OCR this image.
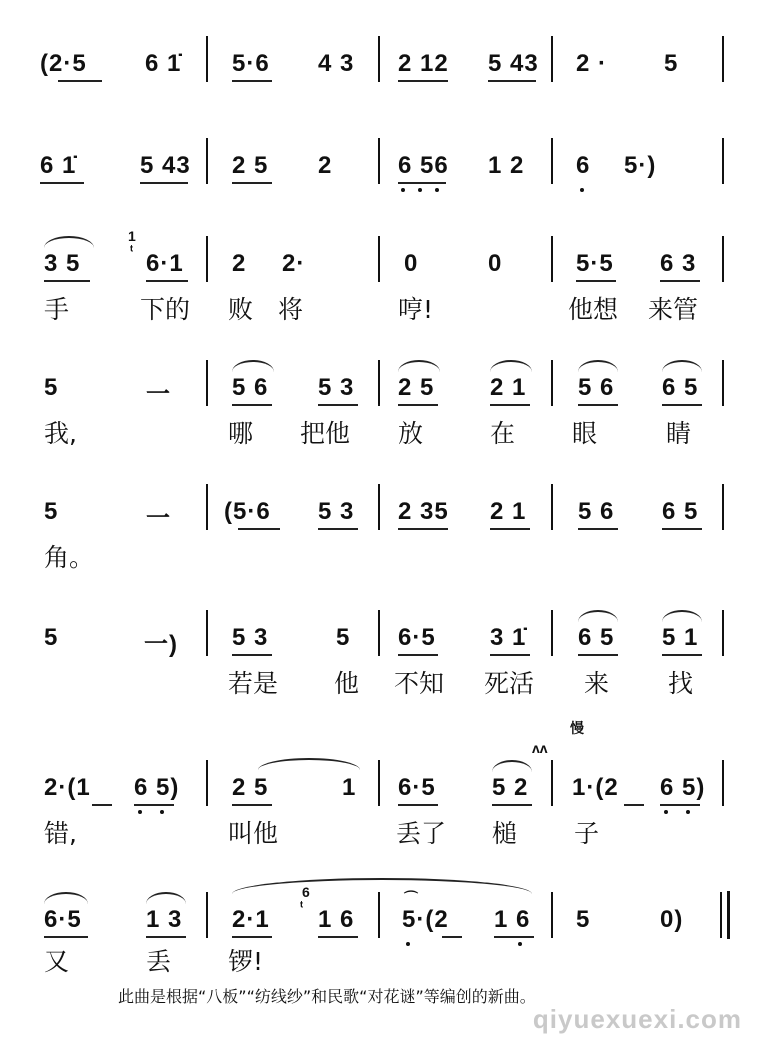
(2·5 6 1̇ 5·6 4 3 2 12 5 43 2 · 5
6 1̇	5 43 2 5 2	6 56 1 2 6 5·)
1
ᵗ
3 5	6·1 2 2·	0	0	5·5 6 3
手	下的 败 将	哼!	他想 来管
5	一	5 6 5 3 2 5 2 1 5 6 6 5
我,	哪 把他 放	在 眼	睛
5	一 (5·6 5 3 2 35 2 1 5 6 6 5
角。
5	一) 5 3	5 6·5 3 1̇ 6 5 5 1
若是 他 不知 死活 来 找
慢
ᴧᴧ
2·(1 6 5) 2 5	1 6·5 5 2 1·(2 6 5)
错,	叫他	丢了 槌 子
6
ᵗ	⌒
6·5	1 3 2·1 1 6 5·(2 1 6 5	0)
又	丢 锣!
此曲是根据“八板”“纺线纱”和民歌“对花谜”等编创的新曲。
qiyuexuexi.com
